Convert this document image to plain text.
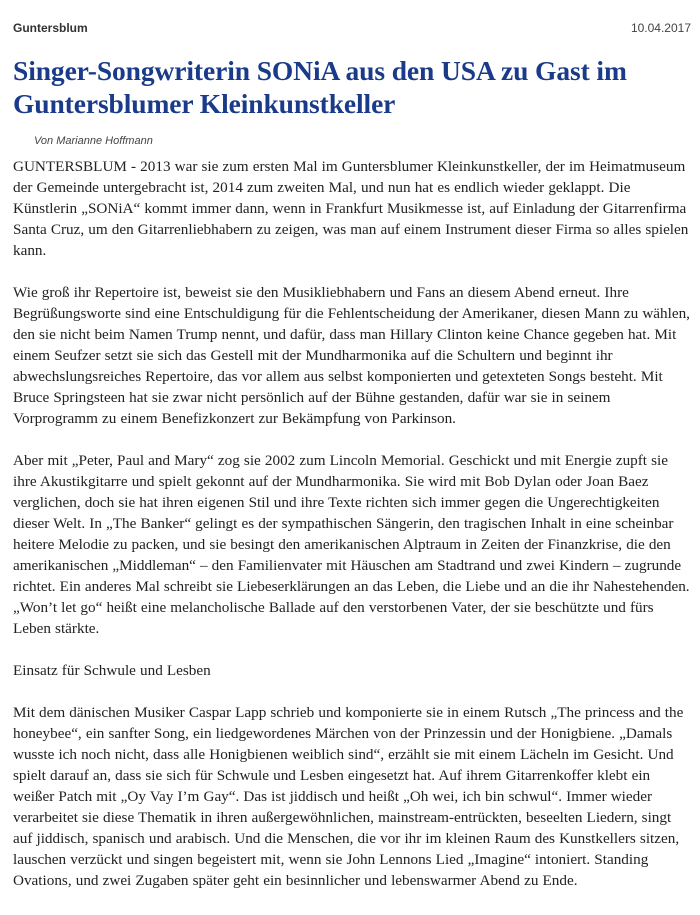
Guntersblum	10.04.2017
Singer-Songwriterin SONiA aus den USA zu Gast im Guntersblumer Kleinkunstkeller
Von Marianne Hoffmann

GUNTERSBLUM - 2013 war sie zum ersten Mal im Guntersblumer Kleinkunstkeller, der im Heimatmuseum der Gemeinde untergebracht ist, 2014 zum zweiten Mal, und nun hat es endlich wieder geklappt. Die Künstlerin „SONiA“ kommt immer dann, wenn in Frankfurt Musikmesse ist, auf Einladung der Gitarrenfirma Santa Cruz, um den Gitarrenliebhabern zu zeigen, was man auf einem Instrument dieser Firma so alles spielen kann.

Wie groß ihr Repertoire ist, beweist sie den Musikliebhabern und Fans an diesem Abend erneut. Ihre Begrüßungsworte sind eine Entschuldigung für die Fehlentscheidung der Amerikaner, diesen Mann zu wählen, den sie nicht beim Namen Trump nennt, und dafür, dass man Hillary Clinton keine Chance gegeben hat. Mit einem Seufzer setzt sie sich das Gestell mit der Mundharmonika auf die Schultern und beginnt ihr abwechslungsreiches Repertoire, das vor allem aus selbst komponierten und getexteten Songs besteht. Mit Bruce Springsteen hat sie zwar nicht persönlich auf der Bühne gestanden, dafür war sie in seinem Vorprogramm zu einem Benefizkonzert zur Bekämpfung von Parkinson.

Aber mit „Peter, Paul and Mary“ zog sie 2002 zum Lincoln Memorial. Geschickt und mit Energie zupft sie ihre Akustikgitarre und spielt gekonnt auf der Mundharmonika. Sie wird mit Bob Dylan oder Joan Baez verglichen, doch sie hat ihren eigenen Stil und ihre Texte richten sich immer gegen die Ungerechtigkeiten dieser Welt. In „The Banker“ gelingt es der sympathischen Sängerin, den tragischen Inhalt in eine scheinbar heitere Melodie zu packen, und sie besingt den amerikanischen Alptraum in Zeiten der Finanzkrise, die den amerikanischen „Middleman“ – den Familienvater mit Häuschen am Stadtrand und zwei Kindern – zugrunde richtet. Ein anderes Mal schreibt sie Liebeserklärungen an das Leben, die Liebe und an die ihr Nahestehenden. „Won’t let go“ heißt eine melancholische Ballade auf den verstorbenen Vater, der sie beschützte und fürs Leben stärkte.

Einsatz für Schwule und Lesben

Mit dem dänischen Musiker Caspar Lapp schrieb und komponierte sie in einem Rutsch „The princess and the honeybee“, ein sanfter Song, ein liedgewordenes Märchen von der Prinzessin und der Honigbiene. „Damals wusste ich noch nicht, dass alle Honigbienen weiblich sind“, erzählt sie mit einem Lächeln im Gesicht. Und spielt darauf an, dass sie sich für Schwule und Lesben eingesetzt hat. Auf ihrem Gitarrenkoffer klebt ein weißer Patch mit „Oy Vay I’m Gay“. Das ist jiddisch und heißt „Oh wei, ich bin schwul“. Immer wieder verarbeitet sie diese Thematik in ihren außergewöhnlichen, mainstream-entrückten, beseelten Liedern, singt auf jiddisch, spanisch und arabisch. Und die Menschen, die vor ihr im kleinen Raum des Kunstkellers sitzen, lauschen verzückt und singen begeistert mit, wenn sie John Lennons Lied „Imagine“ intoniert. Standing Ovations, und zwei Zugaben später geht ein besinnlicher und lebenswarmer Abend zu Ende.
